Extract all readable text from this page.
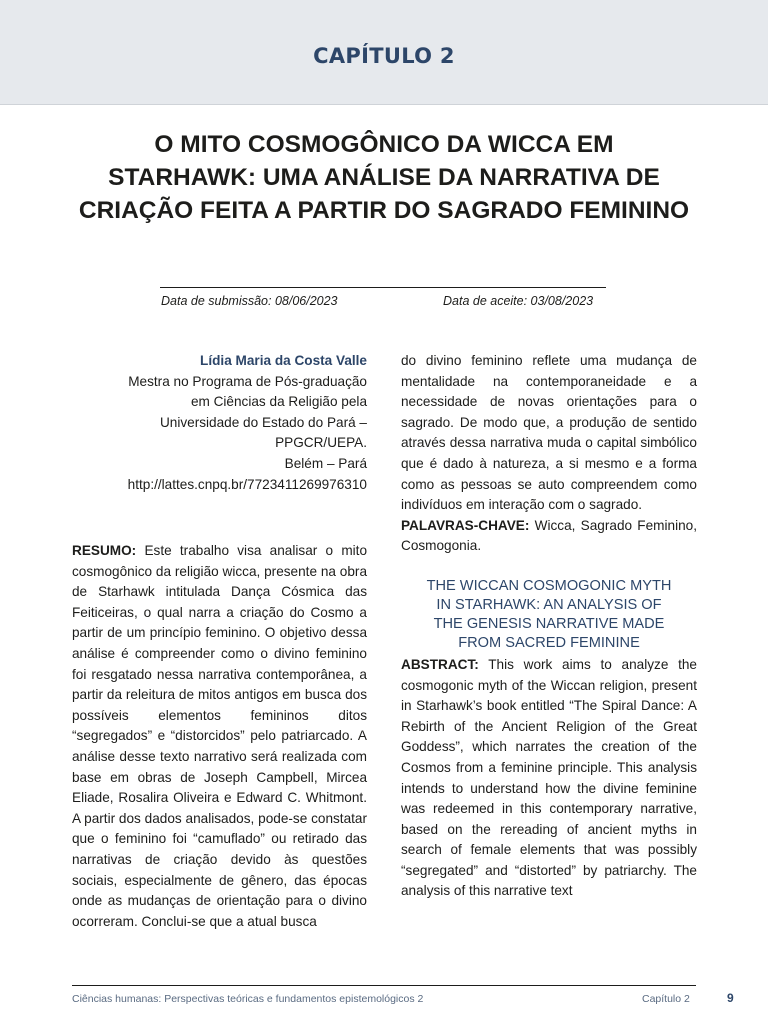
CAPÍTULO 2
O MITO COSMOGÔNICO DA WICCA EM
STARHAWK: UMA ANÁLISE DA NARRATIVA DE
CRIAÇÃO FEITA A PARTIR DO SAGRADO FEMININO
Data de submissão: 08/06/2023	Data de aceite: 03/08/2023
Lídia Maria da Costa Valle
Mestra no Programa de Pós-graduação
em Ciências da Religião pela
Universidade do Estado do Pará –
PPGCR/UEPA.
Belém – Pará
http://lattes.cnpq.br/7723411269976310

RESUMO: Este trabalho visa analisar o mito cosmogônico da religião wicca, presente na obra de Starhawk intitulada Dança Cósmica das Feiticeiras, o qual narra a criação do Cosmo a partir de um princípio feminino. O objetivo dessa análise é compreender como o divino feminino foi resgatado nessa narrativa contemporânea, a partir da releitura de mitos antigos em busca dos possíveis elementos femininos ditos “segregados” e “distorcidos” pelo patriarcado. A análise desse texto narrativo será realizada com base em obras de Joseph Campbell, Mircea Eliade, Rosalira Oliveira e Edward C. Whitmont. A partir dos dados analisados, pode-se constatar que o feminino foi “camuflado” ou retirado das narrativas de criação devido às questões sociais, especialmente de gênero, das épocas onde as mudanças de orientação para o divino ocorreram. Conclui-se que a atual busca

do divino feminino reflete uma mudança de mentalidade na contemporaneidade e a necessidade de novas orientações para o sagrado. De modo que, a produção de sentido através dessa narrativa muda o capital simbólico que é dado à natureza, a si mesmo e a forma como as pessoas se auto compreendem como indivíduos em interação com o sagrado.

PALAVRAS-CHAVE: Wicca, Sagrado Feminino, Cosmogonia.

THE WICCAN COSMOGONIC MYTH
IN STARHAWK: AN ANALYSIS OF
THE GENESIS NARRATIVE MADE
FROM SACRED FEMININE

ABSTRACT: This work aims to analyze the cosmogonic myth of the Wiccan religion, present in Starhawk’s book entitled “The Spiral Dance: A Rebirth of the Ancient Religion of the Great Goddess”, which narrates the creation of the Cosmos from a feminine principle. This analysis intends to understand how the divine feminine was redeemed in this contemporary narrative, based on the rereading of ancient myths in search of female elements that was possibly “segregated” and “distorted” by patriarchy. The analysis of this narrative text

Ciências humanas: Perspectivas teóricas e fundamentos epistemológicos 2	Capítulo 2	9
